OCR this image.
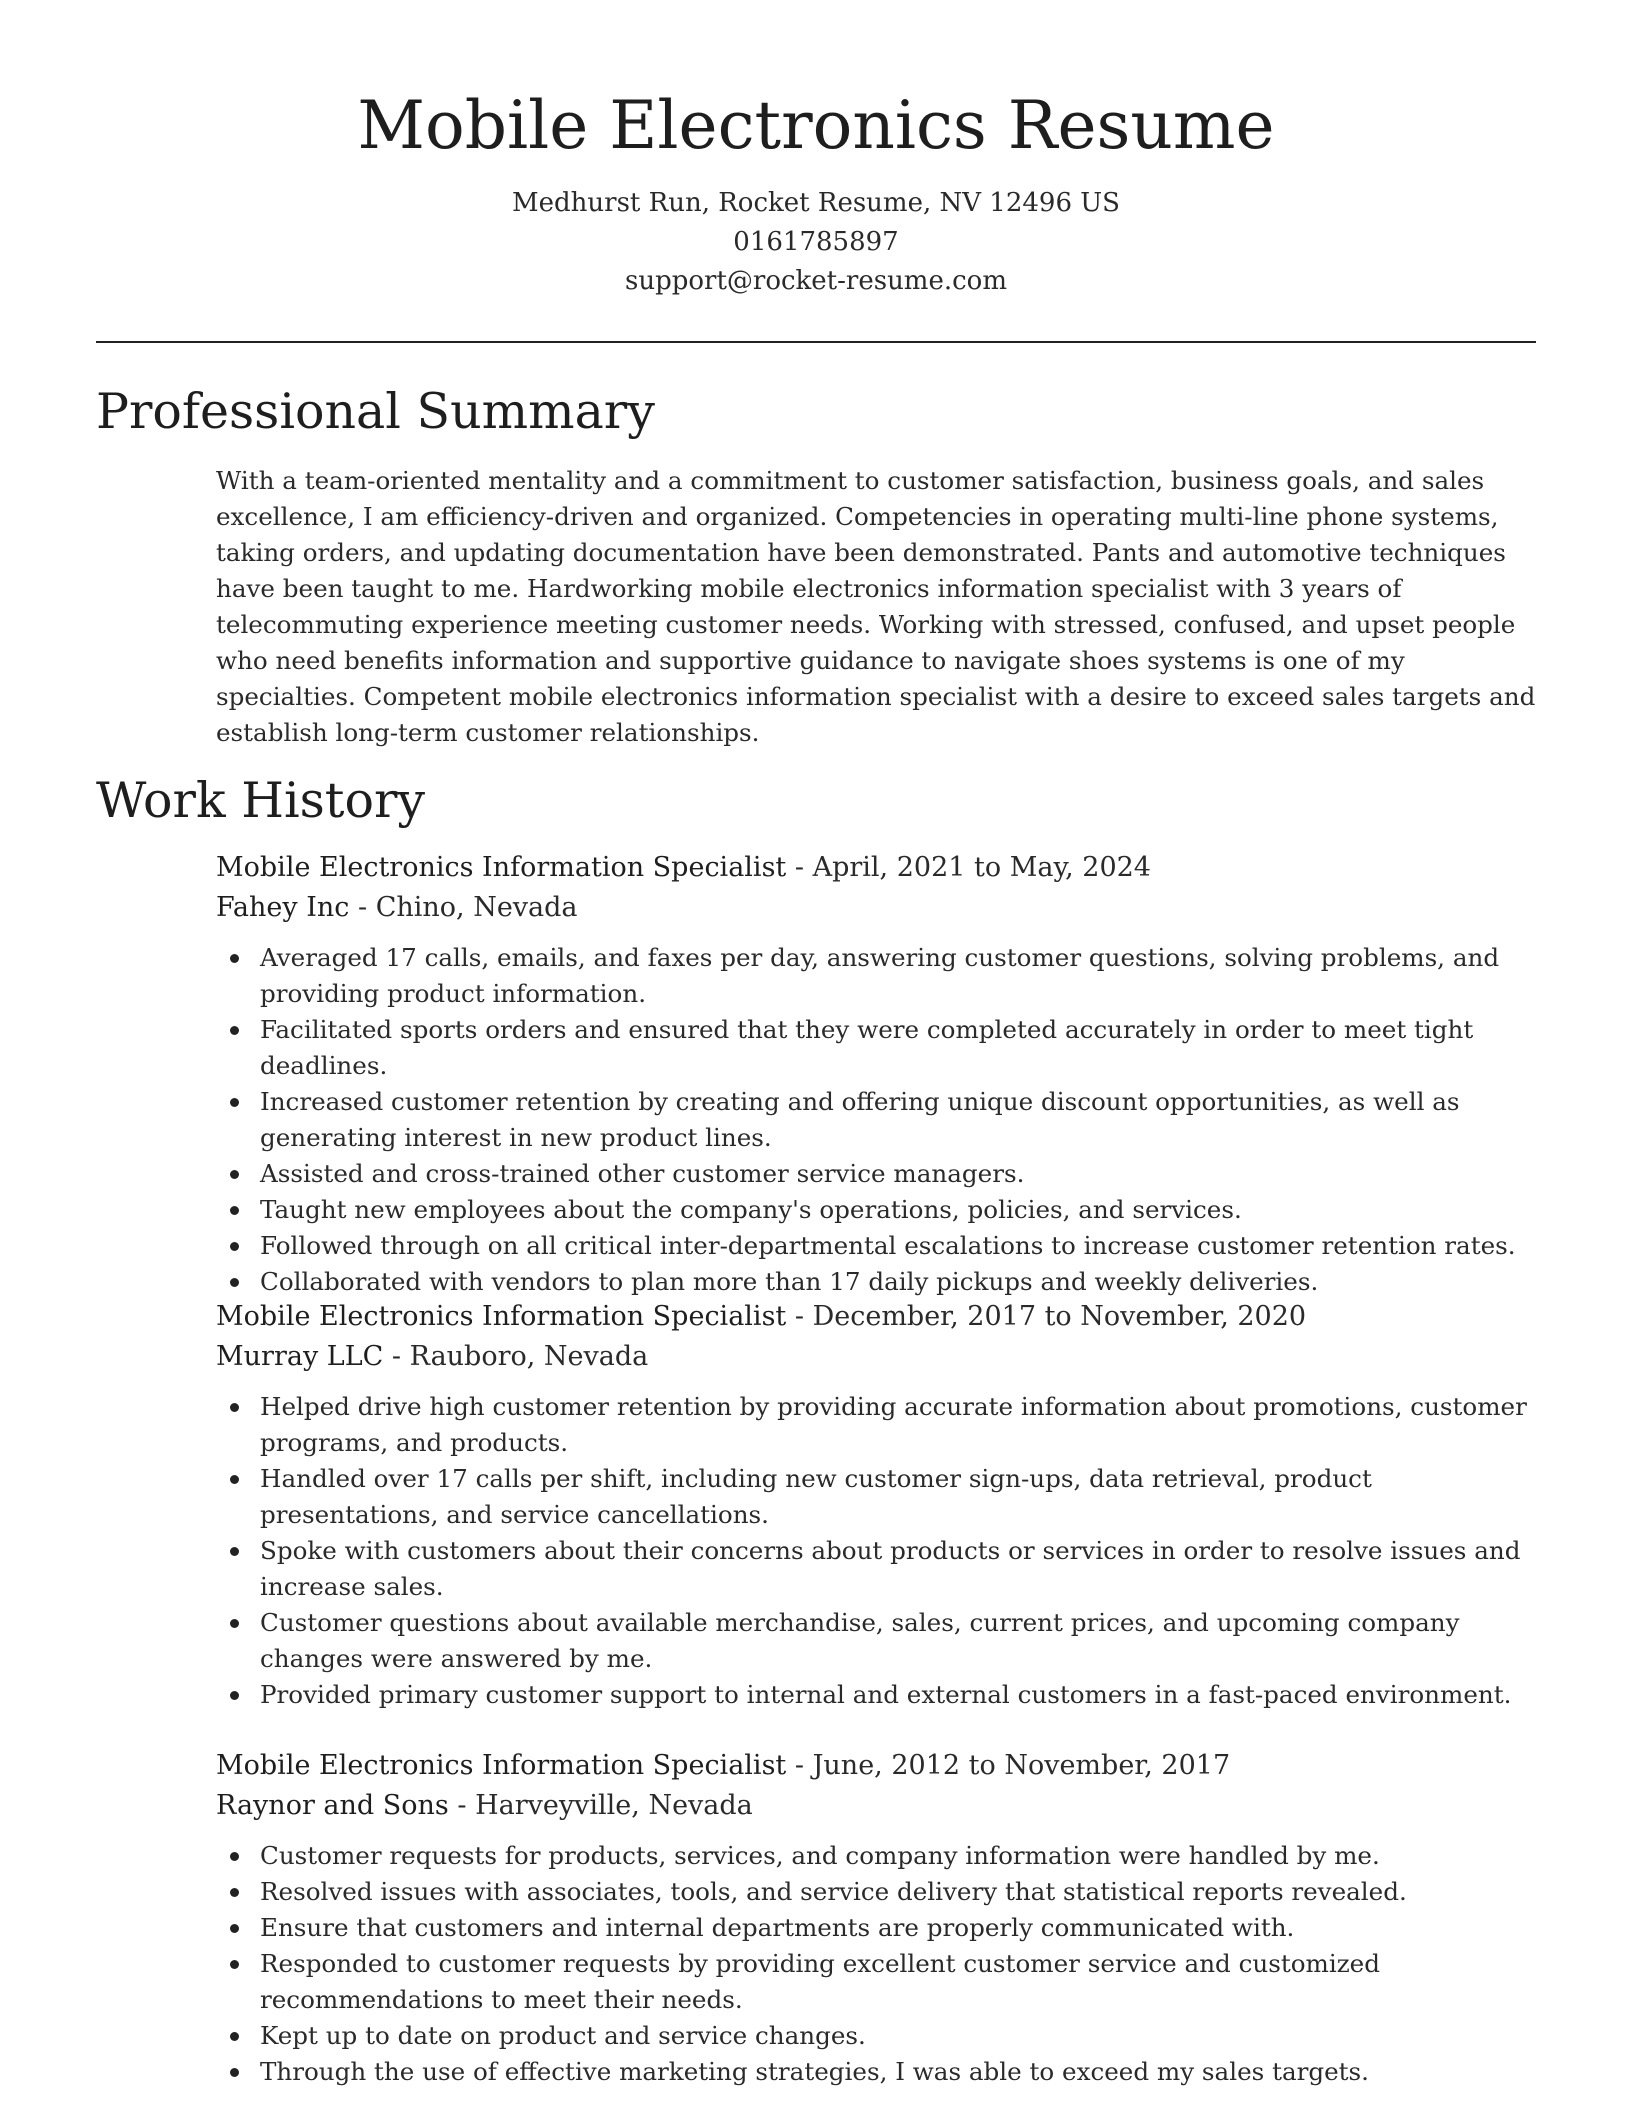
Mobile Electronics Resume
Medhurst Run, Rocket Resume, NV 12496 US
0161785897
support@rocket-resume.com
Professional Summary

With a team-oriented mentality and a commitment to customer satisfaction, business goals, and sales excellence, I am efficiency-driven and organized. Competencies in operating multi-line phone systems, taking orders, and updating documentation have been demonstrated. Pants and automotive techniques have been taught to me. Hardworking mobile electronics information specialist with 3 years of telecommuting experience meeting customer needs. Working with stressed, confused, and upset people who need benefits information and supportive guidance to navigate shoes systems is one of my specialties. Competent mobile electronics information specialist with a desire to exceed sales targets and establish long-term customer relationships.

Work History
Mobile Electronics Information Specialist - April, 2021 to May, 2024
Fahey Inc - Chino, Nevada
Averaged 17 calls, emails, and faxes per day, answering customer questions, solving problems, and providing product information.
Facilitated sports orders and ensured that they were completed accurately in order to meet tight deadlines.
Increased customer retention by creating and offering unique discount opportunities, as well as generating interest in new product lines.
Assisted and cross-trained other customer service managers.
Taught new employees about the company's operations, policies, and services.
Followed through on all critical inter-departmental escalations to increase customer retention rates.
Collaborated with vendors to plan more than 17 daily pickups and weekly deliveries.
Mobile Electronics Information Specialist - December, 2017 to November, 2020
Murray LLC - Rauboro, Nevada
Helped drive high customer retention by providing accurate information about promotions, customer programs, and products.
Handled over 17 calls per shift, including new customer sign-ups, data retrieval, product presentations, and service cancellations.
Spoke with customers about their concerns about products or services in order to resolve issues and increase sales.
Customer questions about available merchandise, sales, current prices, and upcoming company changes were answered by me.
Provided primary customer support to internal and external customers in a fast-paced environment.
Mobile Electronics Information Specialist - June, 2012 to November, 2017
Raynor and Sons - Harveyville, Nevada
Customer requests for products, services, and company information were handled by me.
Resolved issues with associates, tools, and service delivery that statistical reports revealed.
Ensure that customers and internal departments are properly communicated with.
Responded to customer requests by providing excellent customer service and customized recommendations to meet their needs.
Kept up to date on product and service changes.
Through the use of effective marketing strategies, I was able to exceed my sales targets.
